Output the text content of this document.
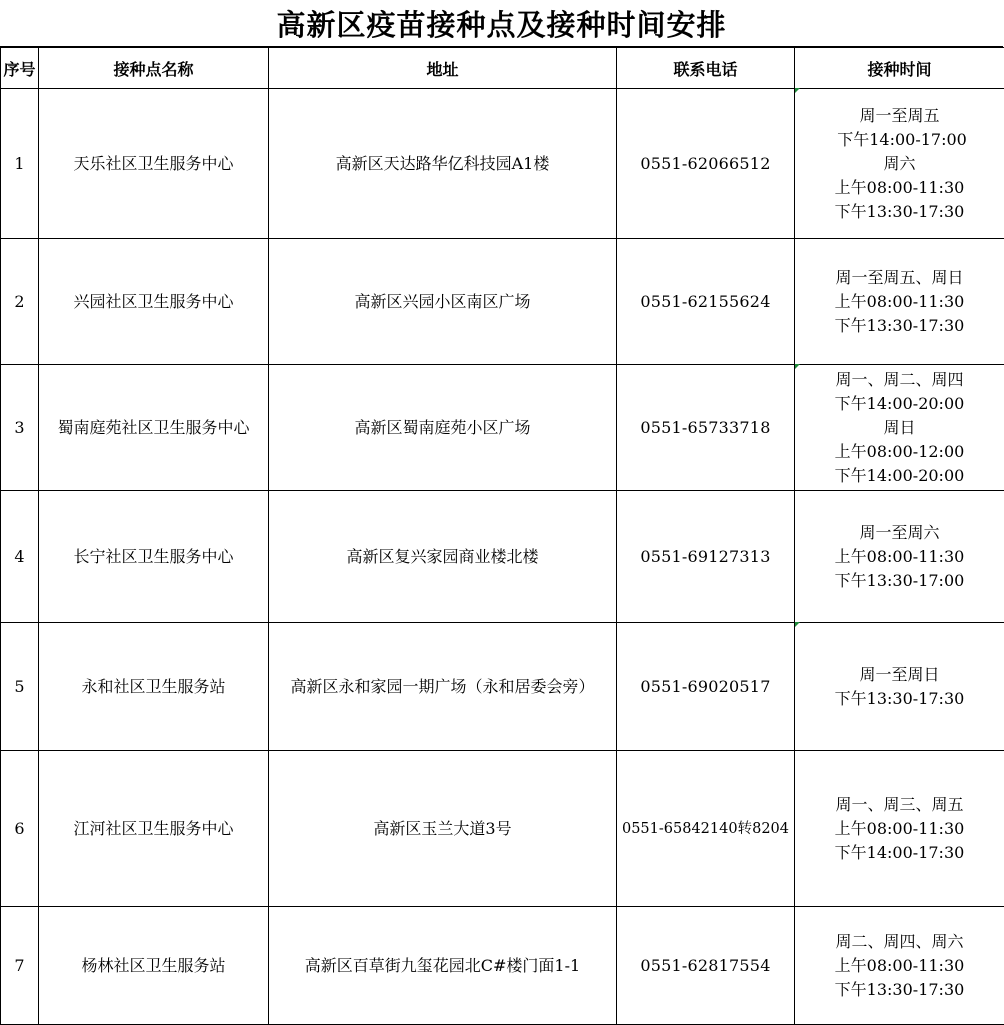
高新区疫苗接种点及接种时间安排
序号	接种点名称	地址	联系电话	接种时间
1	天乐社区卫生服务中心	高新区天达路华亿科技园A1楼	0551-62066512	周一至周五
下午14:00-17:00
周六
上午08:00-11:30
下午13:30-17:30

2	兴园社区卫生服务中心	高新区兴园小区南区广场	0551-62155624	周一至周五、周日
上午08:00-11:30
下午13:30-17:30

3	蜀南庭苑社区卫生服务中心	高新区蜀南庭苑小区广场	0551-65733718	周一、周二、周四
下午14:00-20:00
周日
上午08:00-12:00
下午14:00-20:00

4	长宁社区卫生服务中心	高新区复兴家园商业楼北楼	0551-69127313	周一至周六
上午08:00-11:30
下午13:30-17:00

5	永和社区卫生服务站	高新区永和家园一期广场（永和居委会旁）	0551-69020517	周一至周日
下午13:30-17:30

6	江河社区卫生服务中心	高新区玉兰大道3号	0551-65842140转8204	周一、周三、周五
上午08:00-11:30
下午14:00-17:30

7	杨林社区卫生服务站	高新区百草街九玺花园北C#楼门面1-1	0551-62817554	周二、周四、周六
上午08:00-11:30
下午13:30-17:30
